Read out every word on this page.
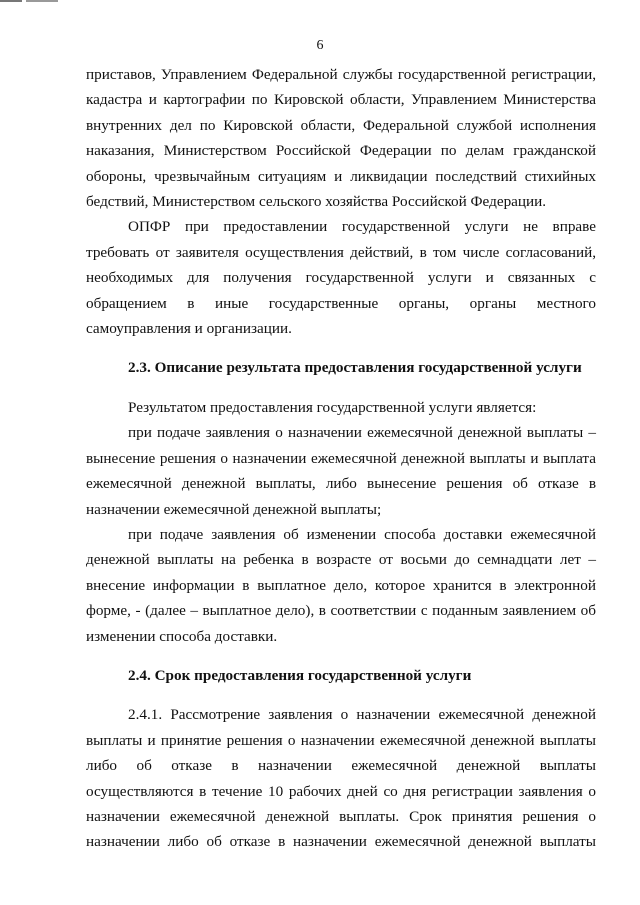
6

приставов, Управлением Федеральной службы государственной регистрации, кадастра и картографии по Кировской области, Управлением Министерства внутренних дел по Кировской области, Федеральной службой исполнения наказания, Министерством Российской Федерации по делам гражданской обороны, чрезвычайным ситуациям и ликвидации последствий стихийных бедствий, Министерством сельского хозяйства Российской Федерации.

ОПФР при предоставлении государственной услуги не вправе требовать от заявителя осуществления действий, в том числе согласований, необходимых для получения государственной услуги и связанных с обращением в иные государственные органы, органы местного самоуправления и организации.

2.3. Описание результата предоставления государственной услуги

Результатом предоставления государственной услуги является:

при подаче заявления о назначении ежемесячной денежной выплаты – вынесение решения о назначении ежемесячной денежной выплаты и выплата ежемесячной денежной выплаты, либо вынесение решения об отказе в назначении ежемесячной денежной выплаты;

при подаче заявления об изменении способа доставки ежемесячной денежной выплаты на ребенка в возрасте от восьми до семнадцати лет – внесение информации в выплатное дело, которое хранится в электронной форме, - (далее – выплатное дело), в соответствии с поданным заявлением об изменении способа доставки.

2.4. Срок предоставления государственной услуги

2.4.1. Рассмотрение заявления о назначении ежемесячной денежной выплаты и принятие решения о назначении ежемесячной денежной выплаты либо об отказе в назначении ежемесячной денежной выплаты осуществляются в течение 10 рабочих дней со дня регистрации заявления о назначении ежемесячной денежной выплаты. Срок принятия решения о назначении либо об отказе в назначении ежемесячной денежной выплаты
